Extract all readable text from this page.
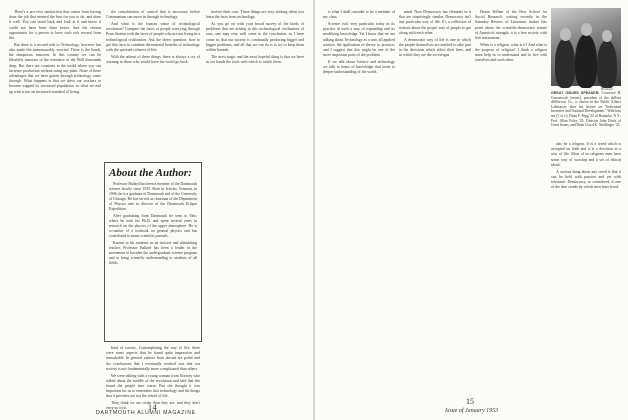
There's a pro-vivo satisfaction that comes from having done the job that seemed the best for you to do, and done it well. You can stand back and look at it and know it could not have been done better. And the chosen opportunity for a person to have such rich reward from life.

But there is a second side to Technology, however has also made life immeasurably worried. There is the bomb, the ubiquitous innocent. In this country we can be blissfully unaware of the existence of the Wall thousands deep. But there are countries in the world where you can increase production without using any plant. None of these advantages that we have gotten through technology come through. What happens is that we drive our workers to become trapped by increased population, so what we end up with is not an increased standard of living.

the consolidation of control that is necessary before Communism can move in through technology.

And what is the human value of technological revolution? Compare the faces of people scurrying through Penn Station with the faces of people who are not living in a technological civilization. Ask the direct question: how to get this; how to combine the material benefits of technology with the spiritual richness of life.

With the advent of these things, there is always a cry of warning to those who would have the world go back.

forever their own. These things are very striking when you learn the facts from technology.

As you go on with your broad survey of the kinds of problems that are arising in this technological civilization of ours, one may very well come to the conclusion, as I have come to, that our society is continually producing bigger and bigger problems, and all that we can do is to try to keep them within bounds.

The most tragic and the most hopeful thing is that we have in our hands the tools with which to tackle them.

About the Author:

Professor Ballard has been a member of the Dartmouth science faculty since 1935. Born in Jericho, Vermont, in 1906, he is a graduate of Dartmouth and of the University of Chicago. He has served as chairman of the Department of Physics and as director of the Dartmouth Eclipse Expedition.

After graduating from Dartmouth he went to Yale, where he took his Ph.D. and spent several years in research on the physics of the upper atmosphere. He is co-author of a textbook on general physics and has contributed to many scientific journals.

Known to his students as an incisive and stimulating teacher, Professor Ballard has been a leader in the movement to broaden the undergraduate science program and to bring scientific understanding to students of all fields.

kind of society. Contemplating the way of life, there were some aspects that he found quite impressive and remarkable. In general visitors from abroad are polite and the conclusions that I eventually reached was that our society is not fundamentally more complicated than others.

We were talking with a young woman from Norway who talked about the middle of the revolution and said that she found the people here warm. But she thought it was important for us to remember that technology and the things that it provides are not the whole of life.

They think we are richer than they are, and they don't envy us a bit.	14
DARTMOUTH ALUMNI MAGAZINE

is what I shall consider to be a member of my class.

Science isn't very particular today in its practice in such a way of expanding and its modifying knowledge. Yet I know that we are talking about Technology as a unit, all applied science, the application of theory to practice; and I suggest that this might be one of the more important parts of the problem.

If we talk about Science and technology we talk in terms of knowledge that leads to deeper understanding of the world.

mind. Now Democracy has elements in it that are surprisingly similar. Democracy isn't any particular way of life. It's a collection of notions about the proper way of people to get along with each other.

A democratic way of life is one in which the people themselves are entitled to take part in the decisions which affect their lives, and in which they are the sovereigns.

Honor Killian of the New School for Social Research, writing recently in the Saturday Review of Literature, makes this point about the scientific-democratic nature of America's strength: it is a free society with free institutions.

When is a religion, what is it? And what is the purpose of religion? I think a religion must help us to understand and to live with ourselves and each other.

also be a religion. It is a creed which is accepted on faith and it is a devotion to a way of life. Most of us religious men have some way of worship and a set of ethical ideals.

A curious thing about any creed is that it can be held with passion and yet with tolerance. Democracy, so considered, is one of the fine creeds by which men have lived.

Brasbiert
GREAT ISSUES SPEAKER: Crawford H. Greenewalt (center), president of the duPont deMorrow Co., is shown in the Public Affairs Laboratory after his lecture on "Individual Incentive and National Development." With him are (l. to r.): Dean F. Pegg '32 of Roanoke, N.Y.; Prof. Allan Foley '25; Director John Finch of Great Issues, and Dean Lloyd K. Neidlinger '23.
Issue of January 1953
15
